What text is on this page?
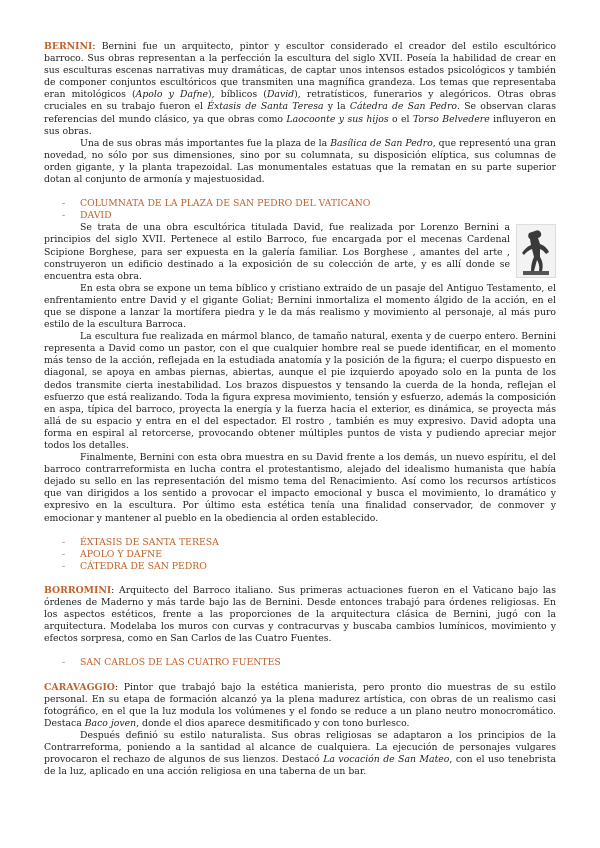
BERNINI: Bernini fue un arquitecto, pintor y escultor considerado el creador del estilo escultórico barroco. Sus obras representan a la perfección la escultura del siglo XVII. Poseía la habilidad de crear en sus esculturas escenas narrativas muy dramáticas, de captar unos intensos estados psicológicos y también de componer conjuntos escultóricos que transmiten una magnífica grandeza. Los temas que representaba eran mitológicos (Apolo y Dafne), bíblicos (David), retratísticos, funerarios y alegóricos. Otras obras cruciales en su trabajo fueron el Éxtasis de Santa Teresa y la Cátedra de San Pedro. Se observan claras referencias del mundo clásico, ya que obras como Laocoonte y sus hijos o el Torso Belvedere influyeron en sus obras.

Una de sus obras más importantes fue la plaza de la Basílica de San Pedro, que representó una gran novedad, no sólo por sus dimensiones, sino por su columnata, su disposición elíptica, sus columnas de orden gigante, y la planta trapezoidal. Las monumentales estatuas que la rematan en su parte superior dotan al conjunto de armonía y majestuosidad.

- COLUMNATA DE LA PLAZA DE SAN PEDRO DEL VATICANO
- DAVID

Se trata de una obra escultórica titulada David, fue realizada por Lorenzo Bernini a principios del siglo XVII. Pertenece al estilo Barroco, fue encargada por el mecenas Cardenal Scipione Borghese, para ser expuesta en la galería familiar. Los Borghese , amantes del arte , construyeron un edificio destinado a la exposición de su colección de arte, y es allí donde se encuentra esta obra.

En esta obra se expone un tema bíblico y cristiano extraido de un pasaje del Antiguo Testamento, el enfrentamiento entre David y el gigante Goliat; Bernini inmortaliza el momento álgido de la acción, en el que se dispone a lanzar la mortífera piedra y le da más realismo y movimiento al personaje, al más puro estilo de la escultura Barroca.

La escultura fue realizada en mármol blanco, de tamaño natural, exenta y de cuerpo entero. Bernini representa a David como un pastor, con el que cualquier hombre real se puede identificar, en el momento más tenso de la acción, reflejada en la estudiada anatomía y la posición de la figura; el cuerpo dispuesto en diagonal, se apoya en ambas piernas, abiertas, aunque el pie izquierdo apoyado solo en la punta de los dedos transmite cierta inestabilidad. Los brazos dispuestos y tensando la cuerda de la honda, reflejan el esfuerzo que está realizando. Toda la figura expresa movimiento, tensión y esfuerzo, además la composición en aspa, típica del barroco, proyecta la energía y la fuerza hacia el exterior, es dinámica, se proyecta más allá de su espacio y entra en el del espectador. El rostro , también es muy expresivo. David adopta una forma en espiral al retorcerse, provocando obtener múltiples puntos de vista y pudiendo apreciar mejor todos los detalles.

Finalmente, Bernini con esta obra muestra en su David frente a los demás, un nuevo espíritu, el del barroco contrarreformista en lucha contra el protestantismo, alejado del idealismo humanista que había dejado su sello en las representación del mismo tema del Renacimiento. Así como los recursos artísticos que van dirigidos a los sentido a provocar el impacto emocional y busca el movimiento, lo dramático y expresivo en la escultura. Por último esta estética tenía una finalidad conservador, de conmover y emocionar y mantener al pueblo en la obediencia al orden establecido.

- ÉXTASIS DE SANTA TERESA
- APOLO Y DAFNE
- CÁTEDRA DE SAN PEDRO

BORROMINI: Arquitecto del Barroco italiano. Sus primeras actuaciones fueron en el Vaticano bajo las órdenes de Maderno y más tarde bajo las de Bernini. Desde entonces trabajó para órdenes religiosas. En los aspectos estéticos, frente a las proporciones de la arquitectura clásica de Bernini, jugó con la arquitectura. Modelaba los muros con curvas y contracurvas y buscaba cambios lumínicos, movimiento y efectos sorpresa, como en San Carlos de las Cuatro Fuentes.

- SAN CARLOS DE LAS CUATRO FUENTES

CARAVAGGIO: Pintor que trabajó bajo la estética manierista, pero pronto dio muestras de su estilo personal. En su etapa de formación alcanzó ya la plena madurez artística, con obras de un realismo casi fotográfico, en el que la luz modula los volúmenes y el fondo se reduce a un plano neutro monocromático. Destaca Baco joven, donde el dios aparece desmitificado y con tono burlesco.

Después definió su estilo naturalista. Sus obras religiosas se adaptaron a los principios de la Contrarreforma, poniendo a la santidad al alcance de cualquiera. La ejecución de personajes vulgares provocaron el rechazo de algunos de sus lienzos. Destacó La vocación de San Mateo, con el uso tenebrista de la luz, aplicado en una acción religiosa en una taberna de un bar.
